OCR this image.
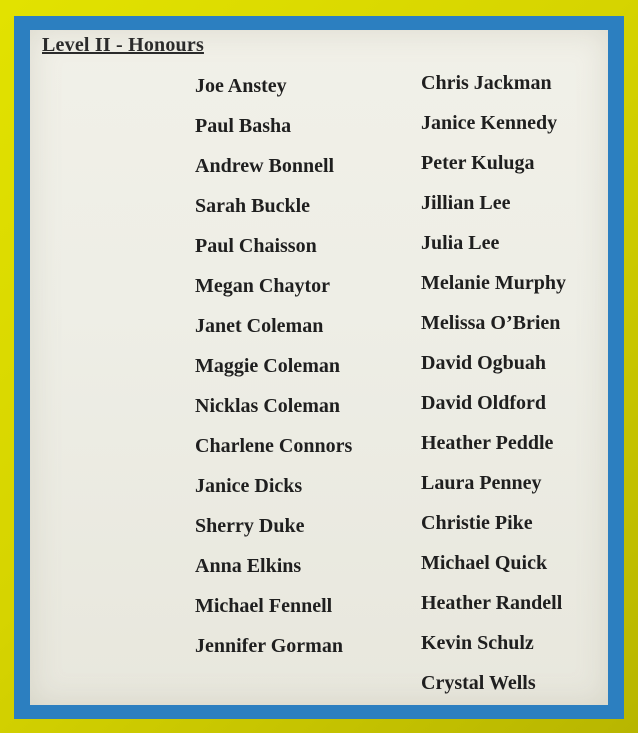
Level II - Honours
Joe Anstey
Paul Basha
Andrew Bonnell
Sarah Buckle
Paul Chaisson
Megan Chaytor
Janet Coleman
Maggie Coleman
Nicklas Coleman
Charlene Connors
Janice Dicks
Sherry Duke
Anna Elkins
Michael Fennell
Jennifer Gorman
Chris Jackman
Janice Kennedy
Peter Kuluga
Jillian Lee
Julia Lee
Melanie Murphy
Melissa O’Brien
David Ogbuah
David Oldford
Heather Peddle
Laura Penney
Christie Pike
Michael Quick
Heather Randell
Kevin Schulz
Crystal Wells
